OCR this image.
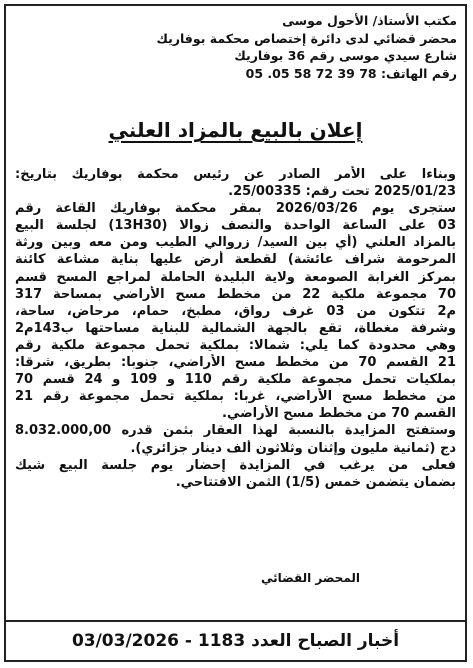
مكتب الأستاذ/ الأحول موسى
محضر قضائي لدى دائرة إختصاص محكمة بوفاريك
شارع سيدي موسى رقم 36 بوفاريك
رقم الهاتف: 78 39 72 58 05. 05
إعلان بالبيع بالمزاد العلني
وبناءا على الأمر الصادر عن رئيس محكمة بوفاريك بتاريخ:
2025/01/23 تحت رقم: 25/00335.
ستجرى يوم 2026/03/26 بمقر محكمة بوفاريك القاعة رقم
03 على الساعة الواحدة والنصف زوالا (13H30) لجلسة البيع
بالمزاد العلني (أي بين السيد/ زروالي الطيب ومن معه وبين ورثة
المرحومة شراف عائشة) لقطعة أرض عليها بناية مشاعة كائنة
بمركز الغرابة الصومعة ولاية البليدة الحاملة لمراجع المسح قسم
70 مجموعة ملكية 22 من مخطط مسح الأراضي بمساحة 317
م2 تتكون من 03 غرف رواق، مطبخ، حمام، مرحاض، ساحة،
وشرفة مغطاة، تقع بالجهة الشمالية للبناية مساحتها ب143م2
وهي محدودة كما يلي: شمالا: بملكية تحمل مجموعة ملكية رقم
21 القسم 70 من مخطط مسح الأراضي، جنوبا: بطريق، شرقا:
بملكيات تحمل مجموعة ملكية رقم 110 و 109 و 24 قسم 70
من مخطط مسح الأراضي، غربا: بملكية تحمل مجموعة رقم 21
القسم 70 من مخطط مسح الأراضي.
وستفتح المزايدة بالنسبة لهذا العقار بثمن قدره 8.032.000,00
دج (ثمانية مليون وإثنان وثلاثون ألف دينار جزائري).
فعلى من يرغب في المزايدة إحضار يوم جلسة البيع شيك
بضمان يتضمن خمس (1/5) الثمن الافتتاحي.
المحضر القضائي
أخبار الصباح العدد 1183 - 03/03/2026
